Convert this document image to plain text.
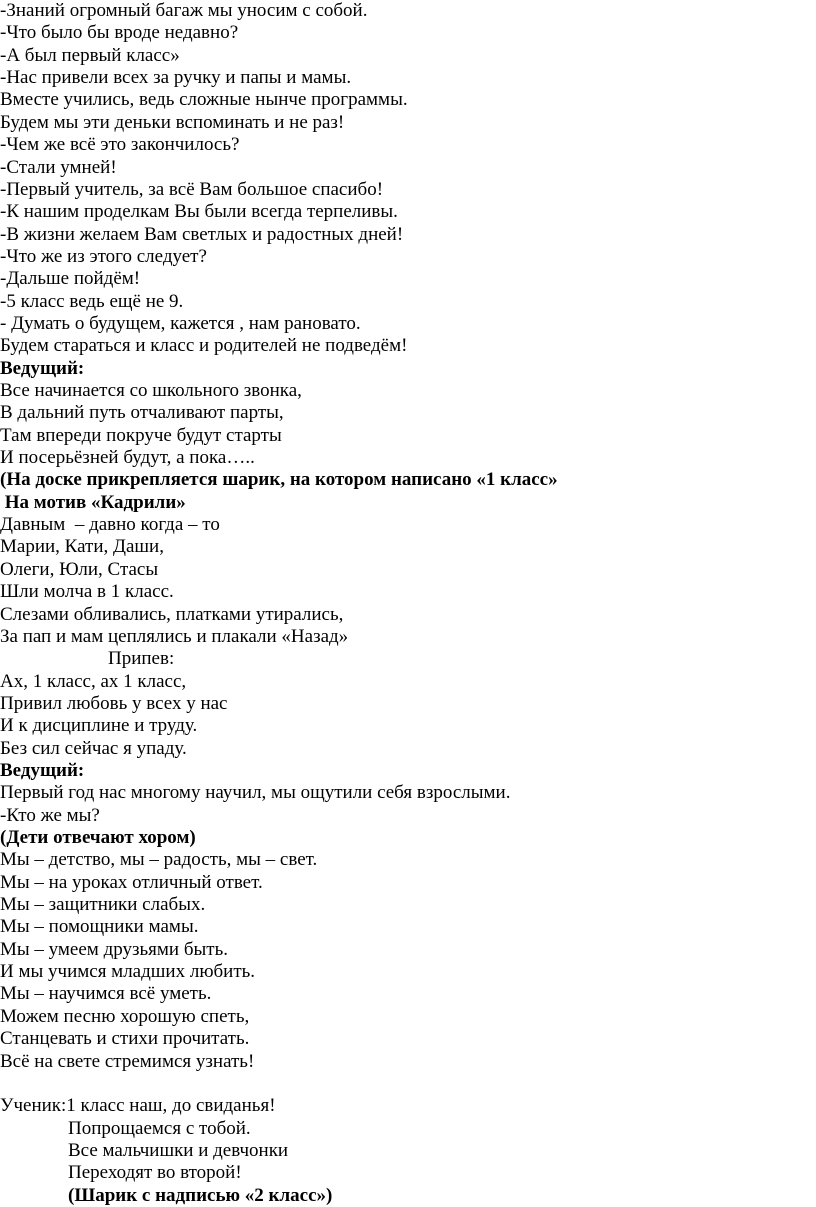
-Знаний огромный багаж мы уносим с собой.
-Что было бы вроде недавно?
-А был первый класс»
-Нас привели всех за ручку и папы и мамы.
Вместе учились, ведь сложные нынче программы.
Будем мы эти деньки вспоминать и не раз!
-Чем же всё это закончилось?
-Стали умней!
-Первый учитель, за всё Вам большое спасибо!
-К нашим проделкам Вы были всегда терпеливы.
-В жизни желаем Вам светлых и радостных дней!
-Что же из этого следует?
-Дальше пойдём!
-5 класс ведь ещё не 9.
- Думать о будущем, кажется , нам рановато.
Будем стараться и класс и родителей не подведём!
Ведущий:
Все начинается со школьного звонка,
В дальний путь отчаливают парты,
Там впереди покруче будут старты
И посерьёзней будут, а пока…..
(На доске прикрепляется шарик, на котором написано «1 класс»
На мотив «Кадрили»
Давным  – давно когда – то
Марии, Кати, Даши,
Олеги, Юли, Стасы
Шли молча в 1 класс.
Слезами обливались, платками утирались,
За пап и мам цеплялись и плакали «Назад»
Припев:
Ах, 1 класс, ах 1 класс,
Привил любовь у всех у нас
И к дисциплине и труду.
Без сил сейчас я упаду.
Ведущий:
Первый год нас многому научил, мы ощутили себя взрослыми.
-Кто же мы?
(Дети отвечают хором)
Мы – детство, мы – радость, мы – свет.
Мы – на уроках отличный ответ.
Мы – защитники слабых.
Мы – помощники мамы.
Мы – умеем друзьями быть.
И мы учимся младших любить.
Мы – научимся всё уметь.
Можем песню хорошую спеть,
Станцевать и стихи прочитать.
Всё на свете стремимся узнать!
Ученик:1 класс наш, до свиданья!
Попрощаемся с тобой.
Все мальчишки и девчонки
Переходят во второй!
(Шарик с надписью «2 класс»)
